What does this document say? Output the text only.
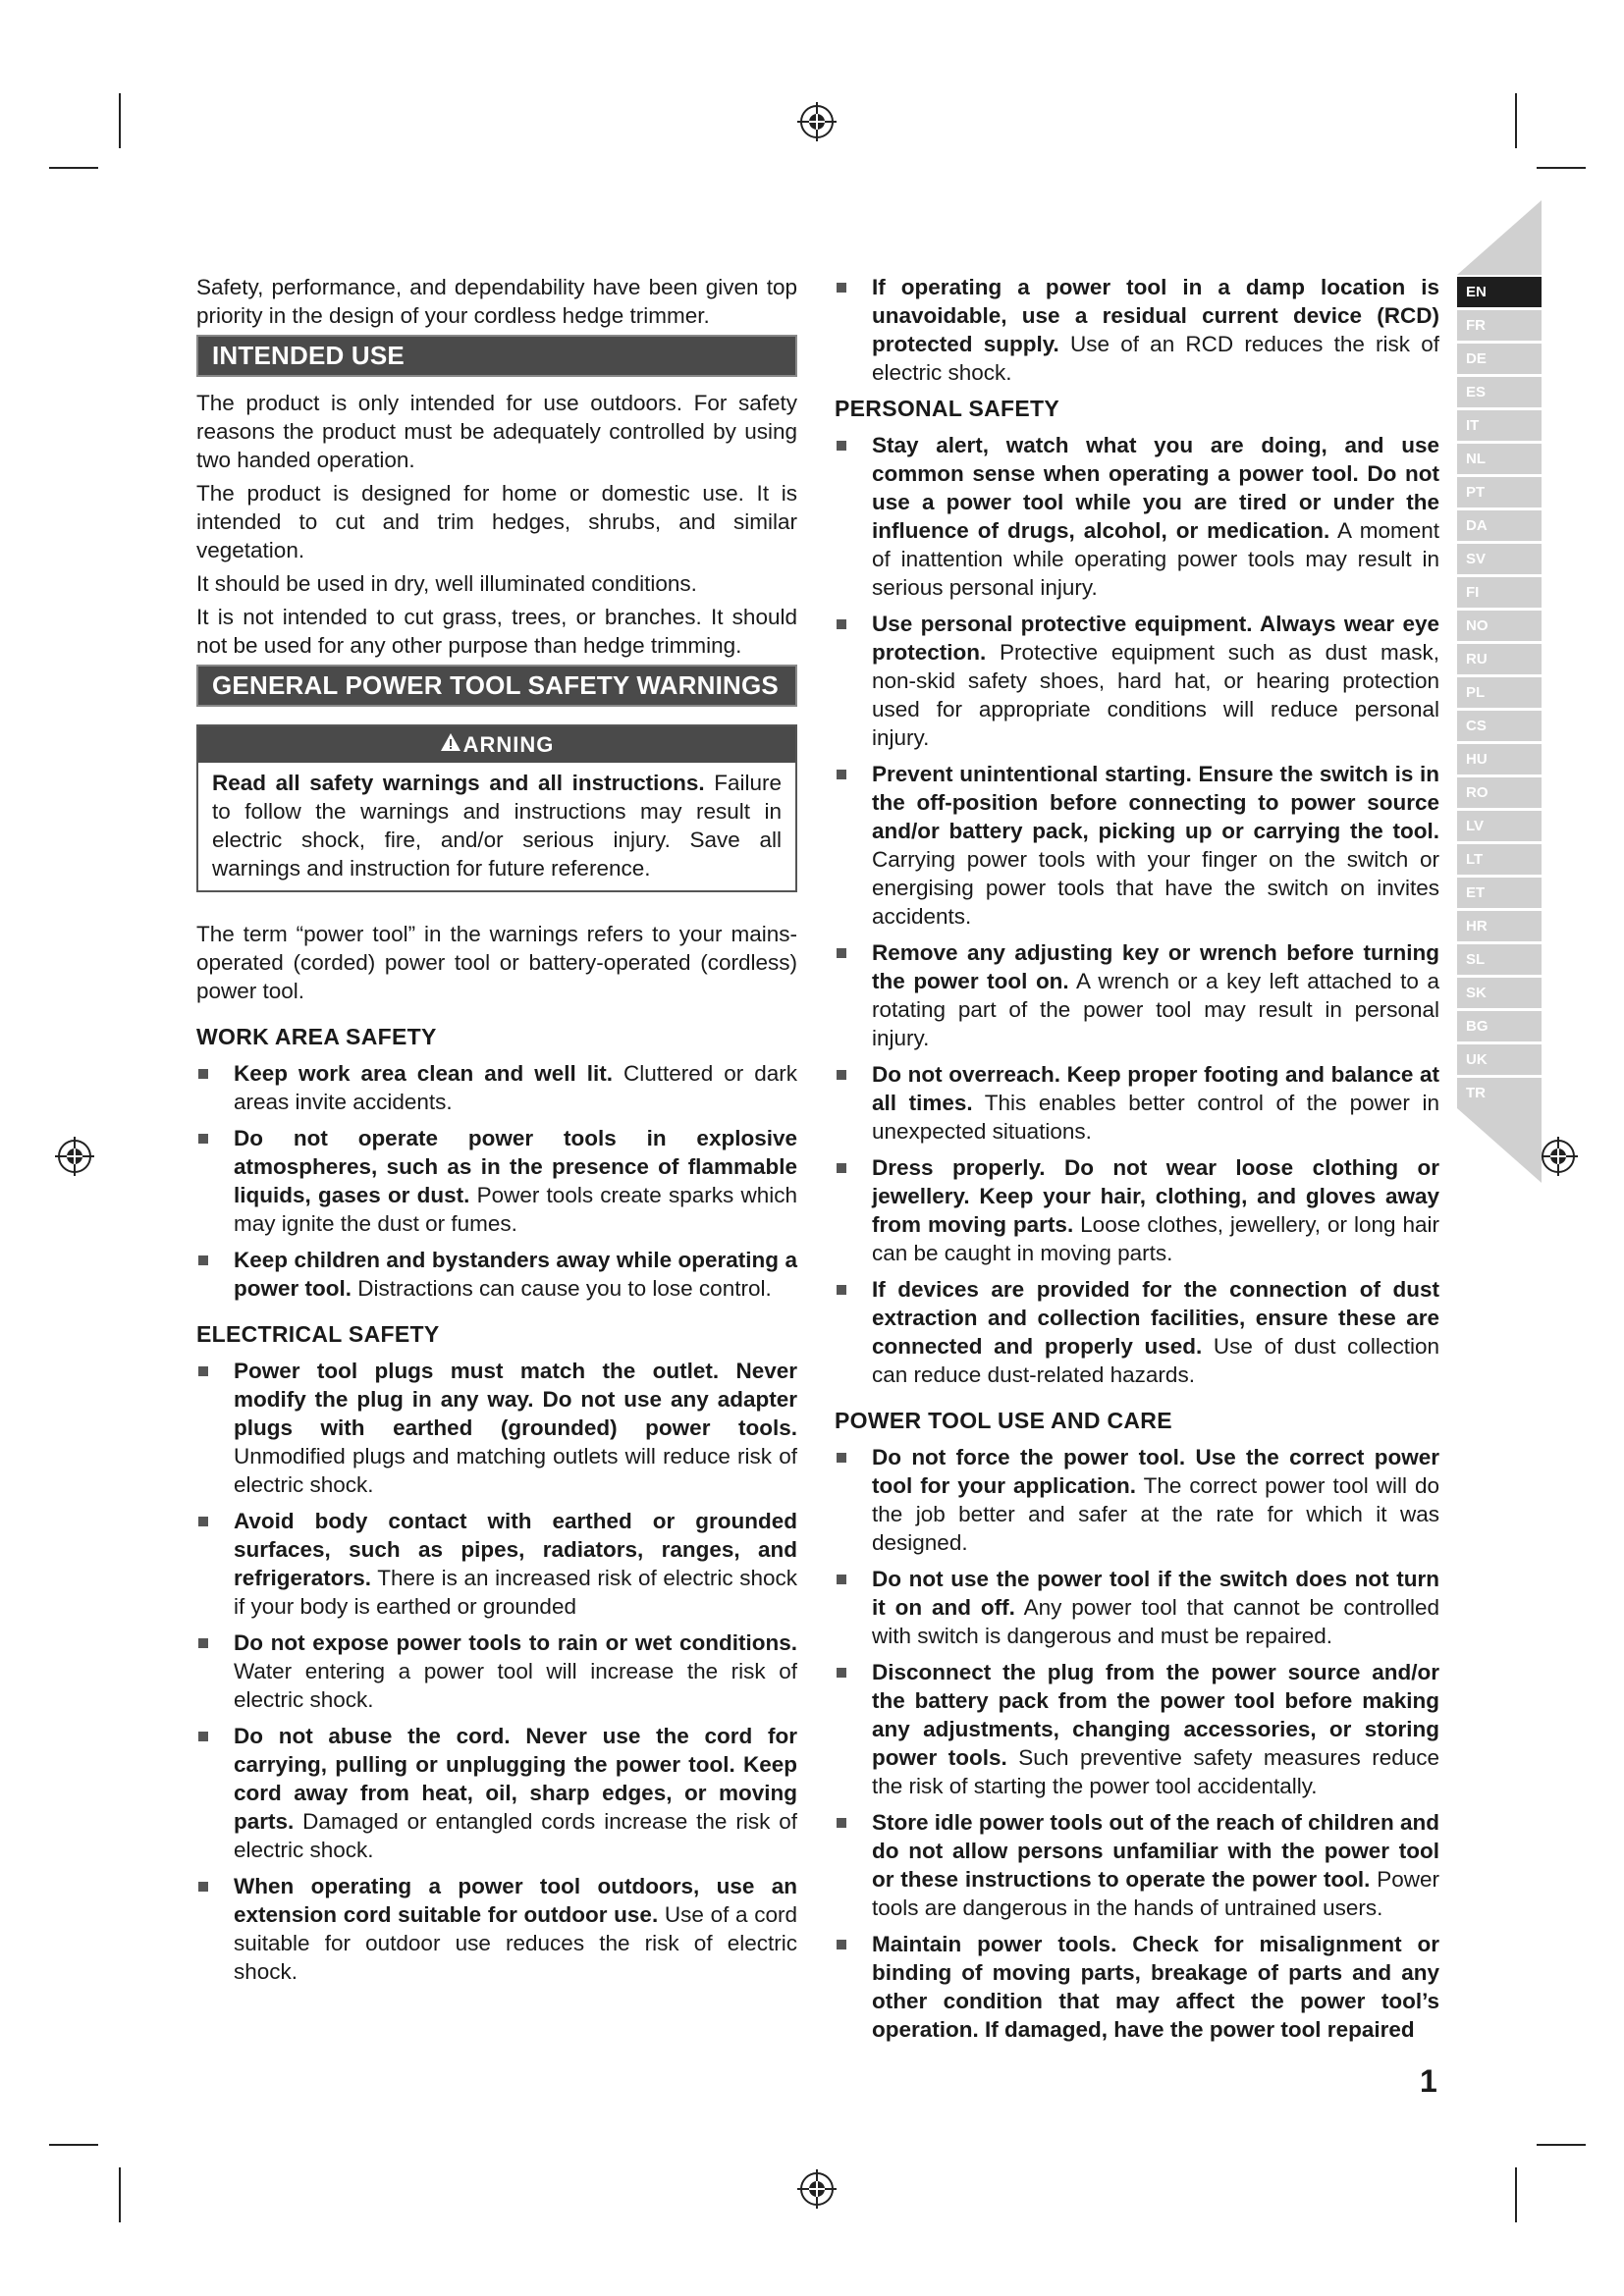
EN
FR
DE
ES
IT
NL
PT
DA
SV
FI
NO
RU
PL
CS
HU
RO
LV
LT
ET
HR
SL
SK
BG
UK
TR

Safety, performance, and dependability have been given top priority in the design of your cordless hedge trimmer.

INTENDED USE

The product is only intended for use outdoors. For safety reasons the product must be adequately controlled by using two handed operation.

The product is designed for home or domestic use. It is intended to cut and trim hedges, shrubs, and similar vegetation.

It should be used in dry, well illuminated conditions.

It is not intended to cut grass, trees, or branches. It should not be used for any other purpose than hedge trimming.

GENERAL POWER TOOL SAFETY WARNINGS
ARNING
Read all safety warnings and all instructions. Failure to follow the warnings and instructions may result in electric shock, fire, and/or serious injury. Save all warnings and instruction for future reference.

The term “power tool” in the warnings refers to your mains-operated (corded) power tool or battery-operated (cordless) power tool.

WORK AREA SAFETY
Keep work area clean and well lit. Cluttered or dark areas invite accidents.
Do not operate power tools in explosive atmospheres, such as in the presence of flammable liquids, gases or dust. Power tools create sparks which may ignite the dust or fumes.
Keep children and bystanders away while operating a power tool. Distractions can cause you to lose control.
ELECTRICAL SAFETY
Power tool plugs must match the outlet. Never modify the plug in any way. Do not use any adapter plugs with earthed (grounded) power tools. Unmodified plugs and matching outlets will reduce risk of electric shock.
Avoid body contact with earthed or grounded surfaces, such as pipes, radiators, ranges, and refrigerators. There is an increased risk of electric shock if your body is earthed or grounded
Do not expose power tools to rain or wet conditions. Water entering a power tool will increase the risk of electric shock.
Do not abuse the cord. Never use the cord for carrying, pulling or unplugging the power tool. Keep cord away from heat, oil, sharp edges, or moving parts. Damaged or entangled cords increase the risk of electric shock.
When operating a power tool outdoors, use an extension cord suitable for outdoor use. Use of a cord suitable for outdoor use reduces the risk of electric shock.
If operating a power tool in a damp location is unavoidable, use a residual current device (RCD) protected supply. Use of an RCD reduces the risk of electric shock.
PERSONAL SAFETY
Stay alert, watch what you are doing, and use common sense when operating a power tool. Do not use a power tool while you are tired or under the influence of drugs, alcohol, or medication. A moment of inattention while operating power tools may result in serious personal injury.
Use personal protective equipment. Always wear eye protection. Protective equipment such as dust mask, non-skid safety shoes, hard hat, or hearing protection used for appropriate conditions will reduce personal injury.
Prevent unintentional starting. Ensure the switch is in the off-position before connecting to power source and/or battery pack, picking up or carrying the tool. Carrying power tools with your finger on the switch or energising power tools that have the switch on invites accidents.
Remove any adjusting key or wrench before turning the power tool on. A wrench or a key left attached to a rotating part of the power tool may result in personal injury.
Do not overreach. Keep proper footing and balance at all times. This enables better control of the power in unexpected situations.
Dress properly. Do not wear loose clothing or jewellery. Keep your hair, clothing, and gloves away from moving parts. Loose clothes, jewellery, or long hair can be caught in moving parts.
If devices are provided for the connection of dust extraction and collection facilities, ensure these are connected and properly used. Use of dust collection can reduce dust-related hazards.
POWER TOOL USE AND CARE
Do not force the power tool. Use the correct power tool for your application. The correct power tool will do the job better and safer at the rate for which it was designed.
Do not use the power tool if the switch does not turn it on and off. Any power tool that cannot be controlled with switch is dangerous and must be repaired.
Disconnect the plug from the power source and/or the battery pack from the power tool before making any adjustments, changing accessories, or storing power tools. Such preventive safety measures reduce the risk of starting the power tool accidentally.
Store idle power tools out of the reach of children and do not allow persons unfamiliar with the power tool or these instructions to operate the power tool. Power tools are dangerous in the hands of untrained users.
Maintain power tools. Check for misalignment or binding of moving parts, breakage of parts and any other condition that may affect the power tool’s operation. If damaged, have the power tool repaired
1
